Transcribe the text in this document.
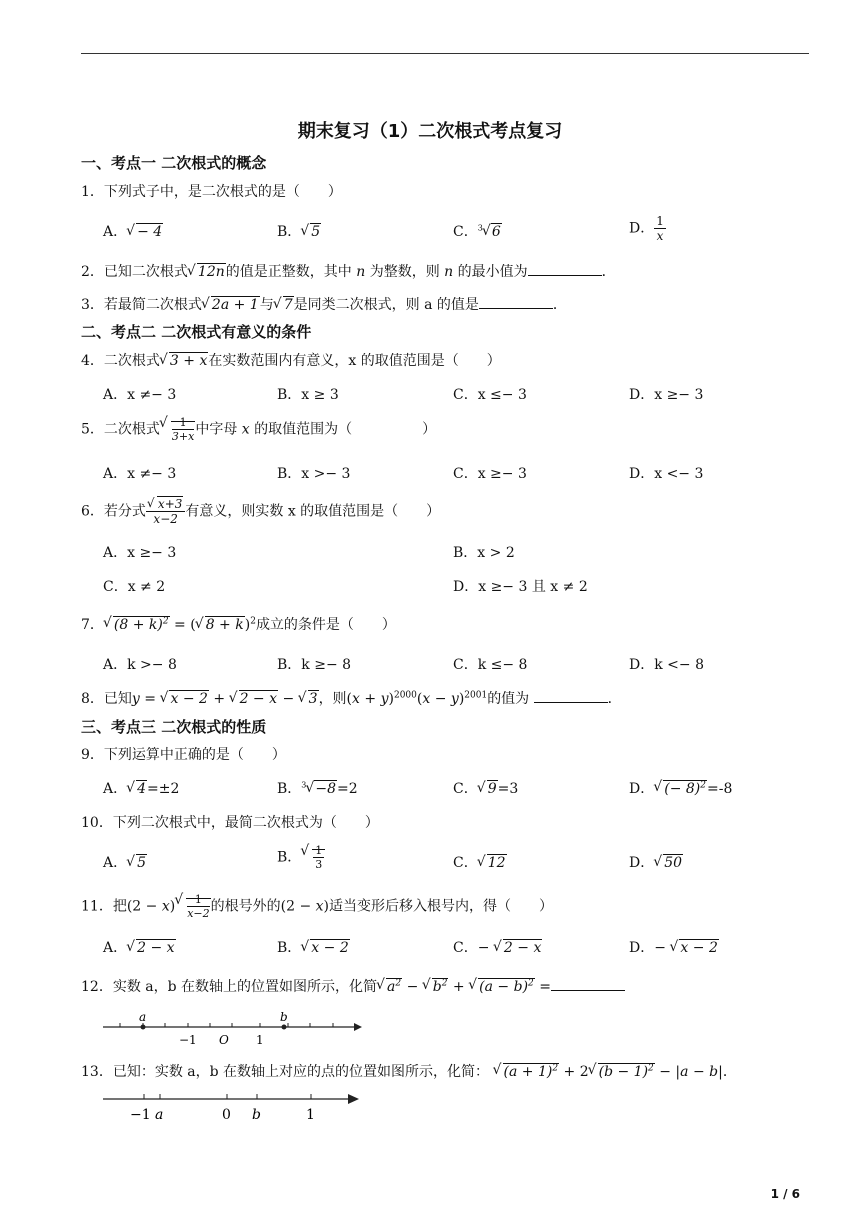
期末复习（1）二次根式考点复习
一、考点一 二次根式的概念
1．下列式子中，是二次根式的是（　　）
A．√ − 4	B．√ 5	C．$^3$√ 6	D． $\frac{1}{x}$
2．已知二次根式√ 12n的值是正整数，其中 n 为整数，则 n 的最小值为	．
3．若最简二次根式√ 2a + 1与√ 7是同类二次根式，则 a 的值是	．
二、考点二 二次根式有意义的条件
4．二次根式√ 3 + x在实数范围内有意义，x 的取值范围是（　　）
A．x ≠− 3	B．x ≥ 3	C．x ≤− 3	D．x ≥− 3
5．二次根式
√ $\frac{1}{3+x}$ 中字母 x 的取值范围为（　　　　　）
A．x ≠− 3	B．x >− 3	C．x ≥− 3	D．x <− 3
6．若分式
√ $\frac{x+3}{x-2}$ 有意义，则实数 x 的取值范围是（　　）
A．x ≥− 3	B．x > 2
C．x ≠ 2	D．x ≥− 3 且 x ≠ 2
7．√ $(8 + k)^2$ = (√ 8 + k)$^2$成立的条件是（　　）
A．k >− 8	B．k ≥− 8	C．k ≤− 8	D．k <− 8
8．已知y = √ x − 2 + √ 2 − x − √ 3，则$(x + y)^{2000}(x - y)^{2001}$的值为	．
三、考点三 二次根式的性质
9．下列运算中正确的是（　　）
A．√ 4=±2	B．$^3$√ −8=2	C．√ 9=3	D．√ (− 8)$^2$=-8
10．下列二次根式中，最简二次根式为（　　）
A．√ 5	B．
√ $\frac{1}{3}$	C．√ 12	D．√ 50
11．把(2 − x)
√ $\frac{1}{x-2}$ 的根号外的(2 − x)适当变形后移入根号内，得（　　）
A．√ 2 − x	B．√ x − 2	C．− √ 2 − x	D．− √ x − 2
12．实数 a，b 在数轴上的位置如图所示，化简√ $a^2$ − √ $b^2$ + √ $(a - b)^2$ =
a	b
−1 O 1
13．已知：实数 a，b 在数轴上对应的点的位置如图所示，化简： √ $(a + 1)^2 + 2√$ $(b - 1)^2 - |a - b|$．
−1 a	0 b	1
1 / 6
